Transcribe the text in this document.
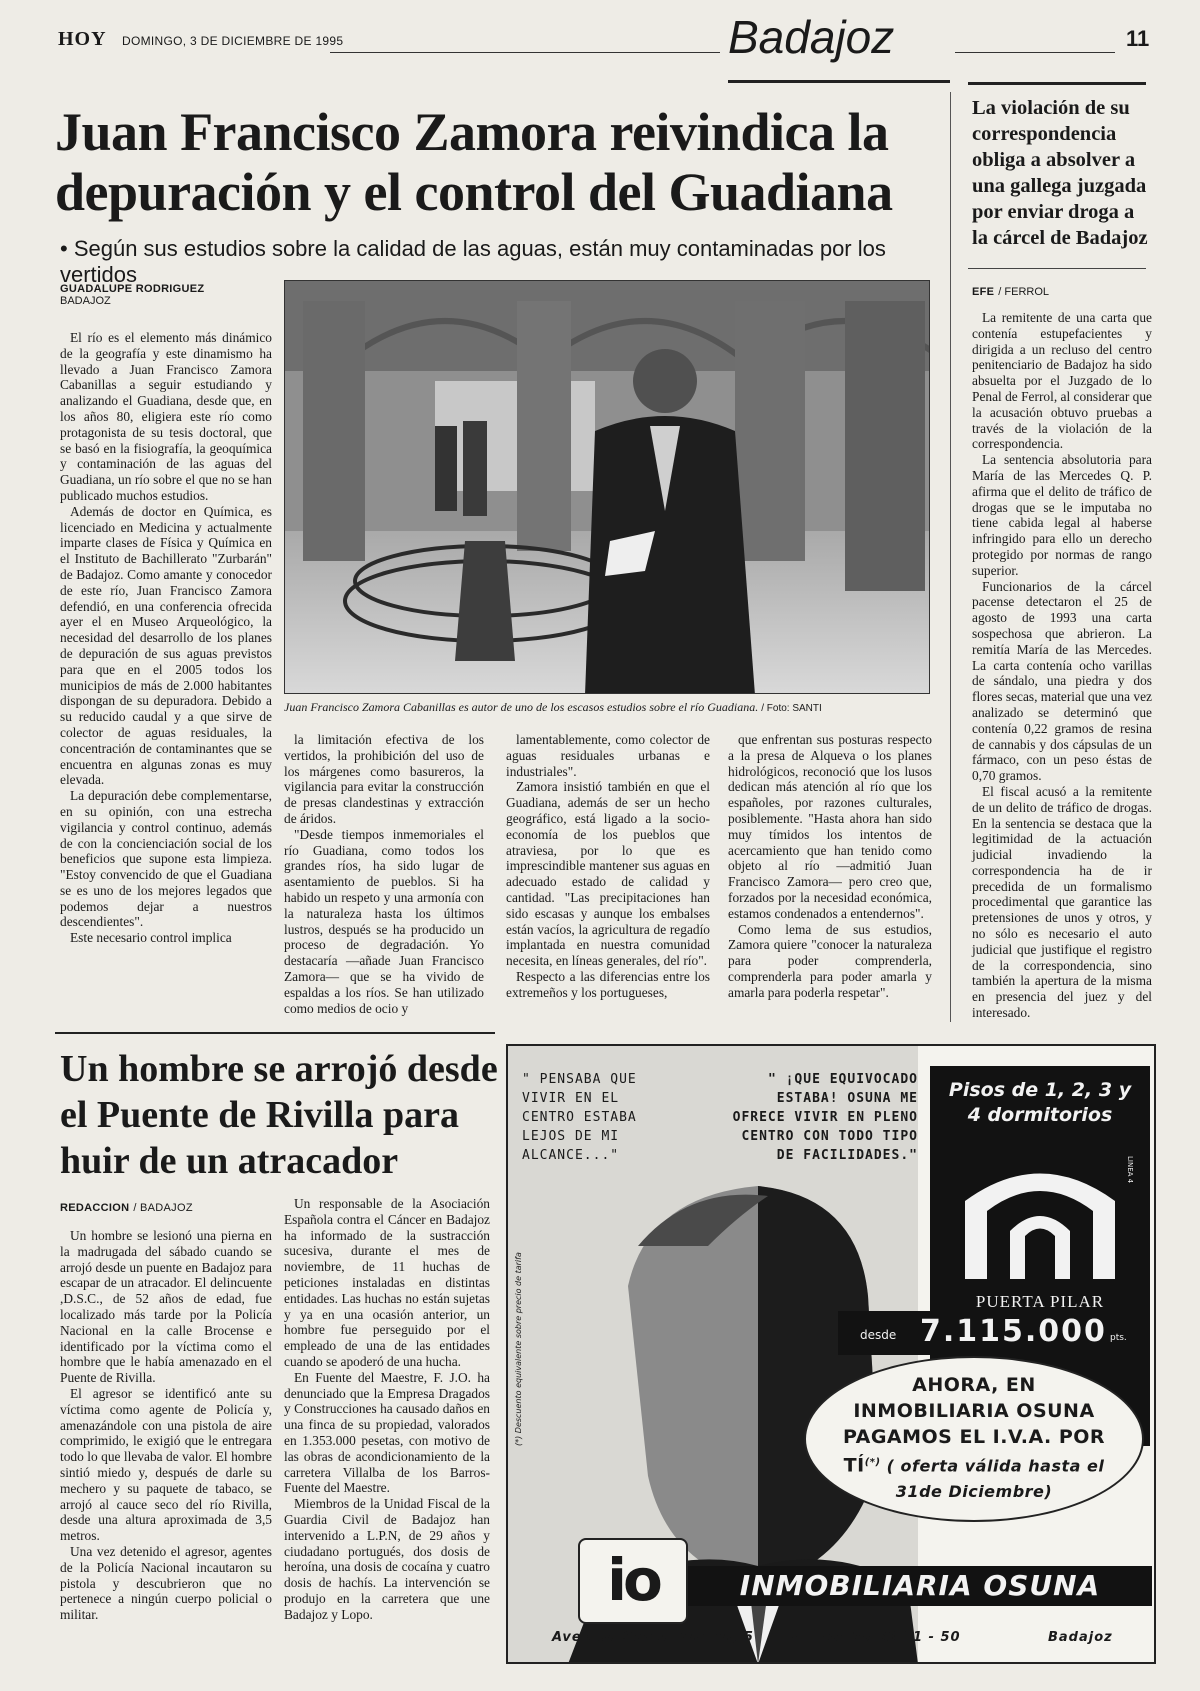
HOY DOMINGO, 3 DE DICIEMBRE DE 1995	Badajoz	11
Juan Francisco Zamora reivindica la
depuración y el control del Guadiana
• Según sus estudios sobre la calidad de las aguas, están muy contaminadas por los vertidos
GUADALUPE RODRIGUEZ
BADAJOZ

El río es el elemento más dinámico de la geografía y este dinamismo ha llevado a Juan Francisco Zamora Cabanillas a seguir estudiando y analizando el Guadiana, desde que, en los años 80, eligiera este río como protagonista de su tesis doctoral, que se basó en la fisiografía, la geoquímica y contaminación de las aguas del Guadiana, un río sobre el que no se han publicado muchos estudios.

Además de doctor en Química, es licenciado en Medicina y actualmente imparte clases de Física y Química en el Instituto de Bachillerato "Zurbarán" de Badajoz. Como amante y conocedor de este río, Juan Francisco Zamora defendió, en una conferencia ofrecida ayer el en Museo Arqueológico, la necesidad del desarrollo de los planes de depuración de sus aguas previstos para que en el 2005 todos los municipios de más de 2.000 habitantes dispongan de su depuradora. Debido a su reducido caudal y a que sirve de colector de aguas residuales, la concentración de contaminantes que se encuentra en algunas zonas es muy elevada.

La depuración debe complementarse, en su opinión, con una estrecha vigilancia y control continuo, además de con la concienciación social de los beneficios que supone esta limpieza. "Estoy convencido de que el Guadiana se es uno de los mejores legados que podemos dejar a nuestros descendientes".

Este necesario control implica

Juan Francisco Zamora Cabanillas es autor de uno de los escasos estudios sobre el río Guadiana. / Foto: SANTI

la limitación efectiva de los vertidos, la prohibición del uso de los márgenes como basureros, la vigilancia para evitar la construcción de presas clandestinas y extracción de áridos.

"Desde tiempos inmemoriales el río Guadiana, como todos los grandes ríos, ha sido lugar de asentamiento de pueblos. Si ha habido un respeto y una armonía con la naturaleza hasta los últimos lustros, después se ha producido un proceso de degradación. Yo destacaría —añade Juan Francisco Zamora— que se ha vivido de espaldas a los ríos. Se han utilizado como medios de ocio y

lamentablemente, como colector de aguas residuales urbanas e industriales".

Zamora insistió también en que el Guadiana, además de ser un hecho geográfico, está ligado a la socio-economía de los pueblos que atraviesa, por lo que es imprescindible mantener sus aguas en adecuado estado de calidad y cantidad. "Las precipitaciones han sido escasas y aunque los embalses están vacíos, la agricultura de regadío implantada en nuestra comunidad necesita, en líneas generales, del río".

Respecto a las diferencias entre los extremeños y los portugueses,

que enfrentan sus posturas respecto a la presa de Alqueva o los planes hidrológicos, reconoció que los lusos dedican más atención al río que los españoles, por razones culturales, posiblemente. "Hasta ahora han sido muy tímidos los intentos de acercamiento que han tenido como objeto al río —admitió Juan Francisco Zamora— pero creo que, forzados por la necesidad económica, estamos condenados a entendernos".

Como lema de sus estudios, Zamora quiere "conocer la naturaleza para poder comprenderla, comprenderla para poder amarla y amarla para poderla respetar".

La violación de su correspondencia obliga a absolver a una gallega juzgada por enviar droga a la cárcel de Badajoz
EFE / FERROL

La remitente de una carta que contenía estupefacientes y dirigida a un recluso del centro penitenciario de Badajoz ha sido absuelta por el Juzgado de lo Penal de Ferrol, al considerar que la acusación obtuvo pruebas a través de la violación de la correspondencia.

La sentencia absolutoria para María de las Mercedes Q. P. afirma que el delito de tráfico de drogas que se le imputaba no tiene cabida legal al haberse infringido para ello un derecho protegido por normas de rango superior.

Funcionarios de la cárcel pacense detectaron el 25 de agosto de 1993 una carta sospechosa que abrieron. La remitía María de las Mercedes. La carta contenía ocho varillas de sándalo, una piedra y dos flores secas, material que una vez analizado se determinó que contenía 0,22 gramos de resina de cannabis y dos cápsulas de un fármaco, con un peso éstas de 0,70 gramos.

El fiscal acusó a la remitente de un delito de tráfico de drogas. En la sentencia se destaca que la legitimidad de la actuación judicial invadiendo la correspondencia ha de ir precedida de un formalismo procedimental que garantice las pretensiones de unos y otros, y no sólo es necesario el auto judicial que justifique el registro de la correspondencia, sino también la apertura de la misma en presencia del juez y del interesado.

Un hombre se arrojó desde el Puente de Rivilla para huir de un atracador
REDACCION / BADAJOZ

Un hombre se lesionó una pierna en la madrugada del sábado cuando se arrojó desde un puente en Badajoz para escapar de un atracador. El delincuente ,D.S.C., de 52 años de edad, fue localizado más tarde por la Policía Nacional en la calle Brocense e identificado por la víctima como el hombre que le había amenazado en el Puente de Rivilla.

El agresor se identificó ante su víctima como agente de Policía y, amenazándole con una pistola de aire comprimido, le exigió que le entregara todo lo que llevaba de valor. El hombre sintió miedo y, después de darle su mechero y su paquete de tabaco, se arrojó al cauce seco del río Rivilla, desde una altura aproximada de 3,5 metros.

Una vez detenido el agresor, agentes de la Policía Nacional incautaron su pistola y descubrieron que no pertenece a ningún cuerpo policial o militar.

Un responsable de la Asociación Española contra el Cáncer en Badajoz ha informado de la sustracción sucesiva, durante el mes de noviembre, de 11 huchas de peticiones instaladas en distintas entidades. Las huchas no están sujetas y ya en una ocasión anterior, un hombre fue perseguido por el empleado de una de las entidades cuando se apoderó de una hucha.

En Fuente del Maestre, F. J.O. ha denunciado que la Empresa Dragados y Construcciones ha causado daños en una finca de su propiedad, valorados en 1.353.000 pesetas, con motivo de las obras de acondicionamiento de la carretera Villalba de los Barros-Fuente del Maestre.

Miembros de la Unidad Fiscal de la Guardia Civil de Badajoz han intervenido a L.P.N, de 29 años y ciudadano portugués, dos dosis de heroína, una dosis de cocaína y cuatro dosis de hachís. La intervención se produjo en la carretera que une Badajoz y Lopo.

" PENSABA QUE VIVIR EN EL CENTRO ESTABA LEJOS DE MI ALCANCE..."
" ¡QUE EQUIVOCADO ESTABA! OSUNA ME OFRECE VIVIR EN PLENO CENTRO CON TODO TIPO DE FACILIDADES."
(*) Descuento equivalente sobre precio de tarifa
Pisos de 1, 2, 3 y 4 dormitorios
LINEA 4
PUERTA PILAR
desde 7.115.000 pts.
AHORA, EN
INMOBILIARIA OSUNA
PAGAMOS EL I.V.A. POR
TÍ(*) ( oferta válida hasta el
31de Diciembre)
io	INMOBILIARIA OSUNA
Avenida Santa Marina, 5	- Tlf: 25 53 11 - 50	Badajoz
